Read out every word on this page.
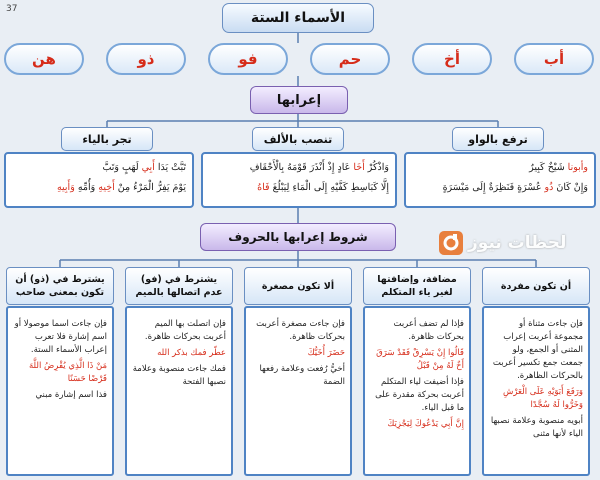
37
الأسماء الستة
أب
أخ
حم
فو
ذو
هن
إعرابها
ترفع بالواو
تنصب بالألف
تجر بالياء
وأبونا شَيْخٌ كَبِيرٌ
وَإِنْ كَانَ ذُو عُسْرَةٍ فَنَظِرَةٌ إِلَى مَيْسَرَةٍ
وَاذْكُرْ أَخَا عَادٍ إِذْ أَنْذَرَ قَوْمَهُ بِالْأَحْقَافِ
إِلَّا كَبَاسِطِ كَفَّيْهِ إِلَى الْمَاءِ لِيَبْلُغَ فَاهُ
تَبَّتْ يَدَا أَبِي لَهَبٍ وَتَبَّ
يَوْمَ يَفِرُّ الْمَرْءُ مِنْ أَخِيهِ وَأُمِّهِ وَأَبِيهِ
شروط إعرابها بالحروف	لحظات نيوز
أن تكون مفردة
مضافة، وإضافتها لغير ياء المتكلم
ألا تكون مصغرة
يشترط في (فو) عدم اتصالها بالميم
يشترط في (ذو) أن تكون بمعنى صاحب

فإن جاءت مثناة أو مجموعة أعربت إعراب المثنى أو الجمع، ولو جمعت جمع تكسير أعربت بالحركات الظاهرة.

وَرَفَعَ أَبَوَيْهِ عَلَى الْعَرْشِ وَخَرُّوا لَهُ سُجَّدًا

أبويه منصوبة وعلامة نصبها الياء لأنها مثنى

فإذا لم تضف أعربت بحركات ظاهرة.

قَالُوا إِنْ يَسْرِقْ فَقَدْ سَرَقَ أَخٌ لَهُ مِنْ قَبْلُ

فإذا أضيفت لياء المتكلم أعربت بحركة مقدرة على ما قبل الياء.

إِنَّ أَبِي يَدْعُوكَ لِيَجْزِيَكَ

فإن جاءت مصغرة أعربت بحركات ظاهرة.

حَضَرَ أُخَيُّكَ

أخيُّ رُفعت وعلامة رفعها الضمة

فإن اتصلت بها الميم أعربت بحركات ظاهرة.

عطّر فمك بذكر الله

فمك جاءت منصوبة وعلامة نصبها الفتحة

فإن جاءت اسما موصولا أو اسم إشارة فلا تعرب إعراب الأسماء الستة.

مَنْ ذَا الَّذِي يُقْرِضُ اللَّهَ قَرْضًا حَسَنًا

فذا اسم إشارة مبني
